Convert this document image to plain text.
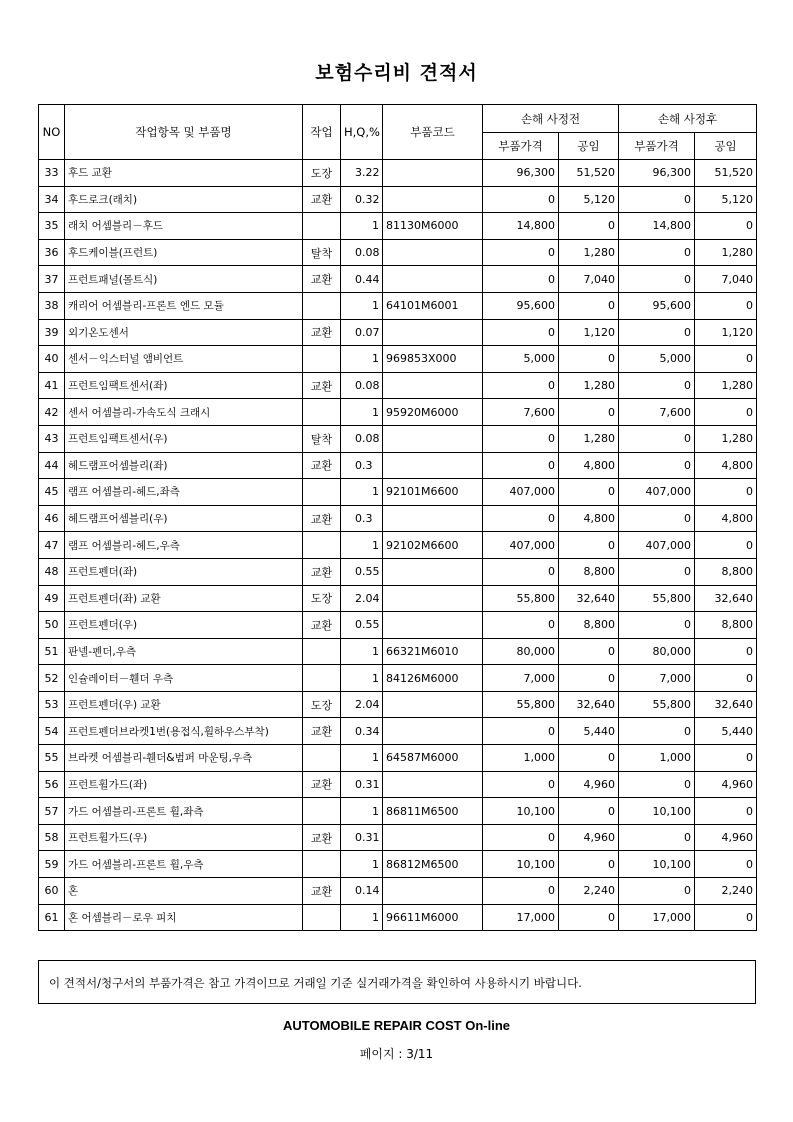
보험수리비 견적서
NO	작업항목 및 부품명	작업	H,Q,%	부품코드	손해 사정전		손해 사정후	
					부품가격	공임	부품가격	공임
33	후드 교환	도장	3.22		96,300	51,520	96,300	51,520
34	후드로크(래치)	교환	0.32		0	5,120	0	5,120
35	래치 어셈블리－후드		1	81130M6000	14,800	0	14,800	0
36	후드케이블(프런트)	탈착	0.08		0	1,280	0	1,280
37	프런트패널(몰트식)	교환	0.44		0	7,040	0	7,040
38	캐리어 어셈블리-프론트 엔드 모듈		1	64101M6001	95,600	0	95,600	0
39	외기온도센서	교환	0.07		0	1,120	0	1,120
40	센서－익스터널 앰비언트		1	969853X000	5,000	0	5,000	0
41	프런트임팩트센서(좌)	교환	0.08		0	1,280	0	1,280
42	센서 어셈블리-가속도식 크래시		1	95920M6000	7,600	0	7,600	0
43	프런트임팩트센서(우)	탈착	0.08		0	1,280	0	1,280
44	헤드램프어셈블리(좌)	교환	0.3		0	4,800	0	4,800
45	램프 어셈블리-헤드,좌측		1	92101M6600	407,000	0	407,000	0
46	헤드램프어셈블리(우)	교환	0.3		0	4,800	0	4,800
47	램프 어셈블리-헤드,우측		1	92102M6600	407,000	0	407,000	0
48	프런트펜더(좌)	교환	0.55		0	8,800	0	8,800
49	프런트펜더(좌) 교환	도장	2.04		55,800	32,640	55,800	32,640
50	프런트펜더(우)	교환	0.55		0	8,800	0	8,800
51	판넬-펜더,우측		1	66321M6010	80,000	0	80,000	0
52	인슐레이터－휀더 우측		1	84126M6000	7,000	0	7,000	0
53	프런트펜더(우) 교환	도장	2.04		55,800	32,640	55,800	32,640
54	프런트펜더브라켓1번(용접식,휠하우스부착)	교환	0.34		0	5,440	0	5,440
55	브라켓 어셈블리-휀더&범퍼 마운팅,우측		1	64587M6000	1,000	0	1,000	0
56	프런트휠가드(좌)	교환	0.31		0	4,960	0	4,960
57	가드 어셈블리-프론트 휠,좌측		1	86811M6500	10,100	0	10,100	0
58	프런트휠가드(우)	교환	0.31		0	4,960	0	4,960
59	가드 어셈블리-프론트 휠,우측		1	86812M6500	10,100	0	10,100	0
60	혼	교환	0.14		0	2,240	0	2,240
61	혼 어셈블리－로우 피치		1	96611M6000	17,000	0	17,000	0
이 견적서/청구서의 부품가격은 참고 가격이므로 거래일 기준 실거래가격을 확인하여 사용하시기 바랍니다.
AUTOMOBILE REPAIR COST On-line
페이지 : 3/11
